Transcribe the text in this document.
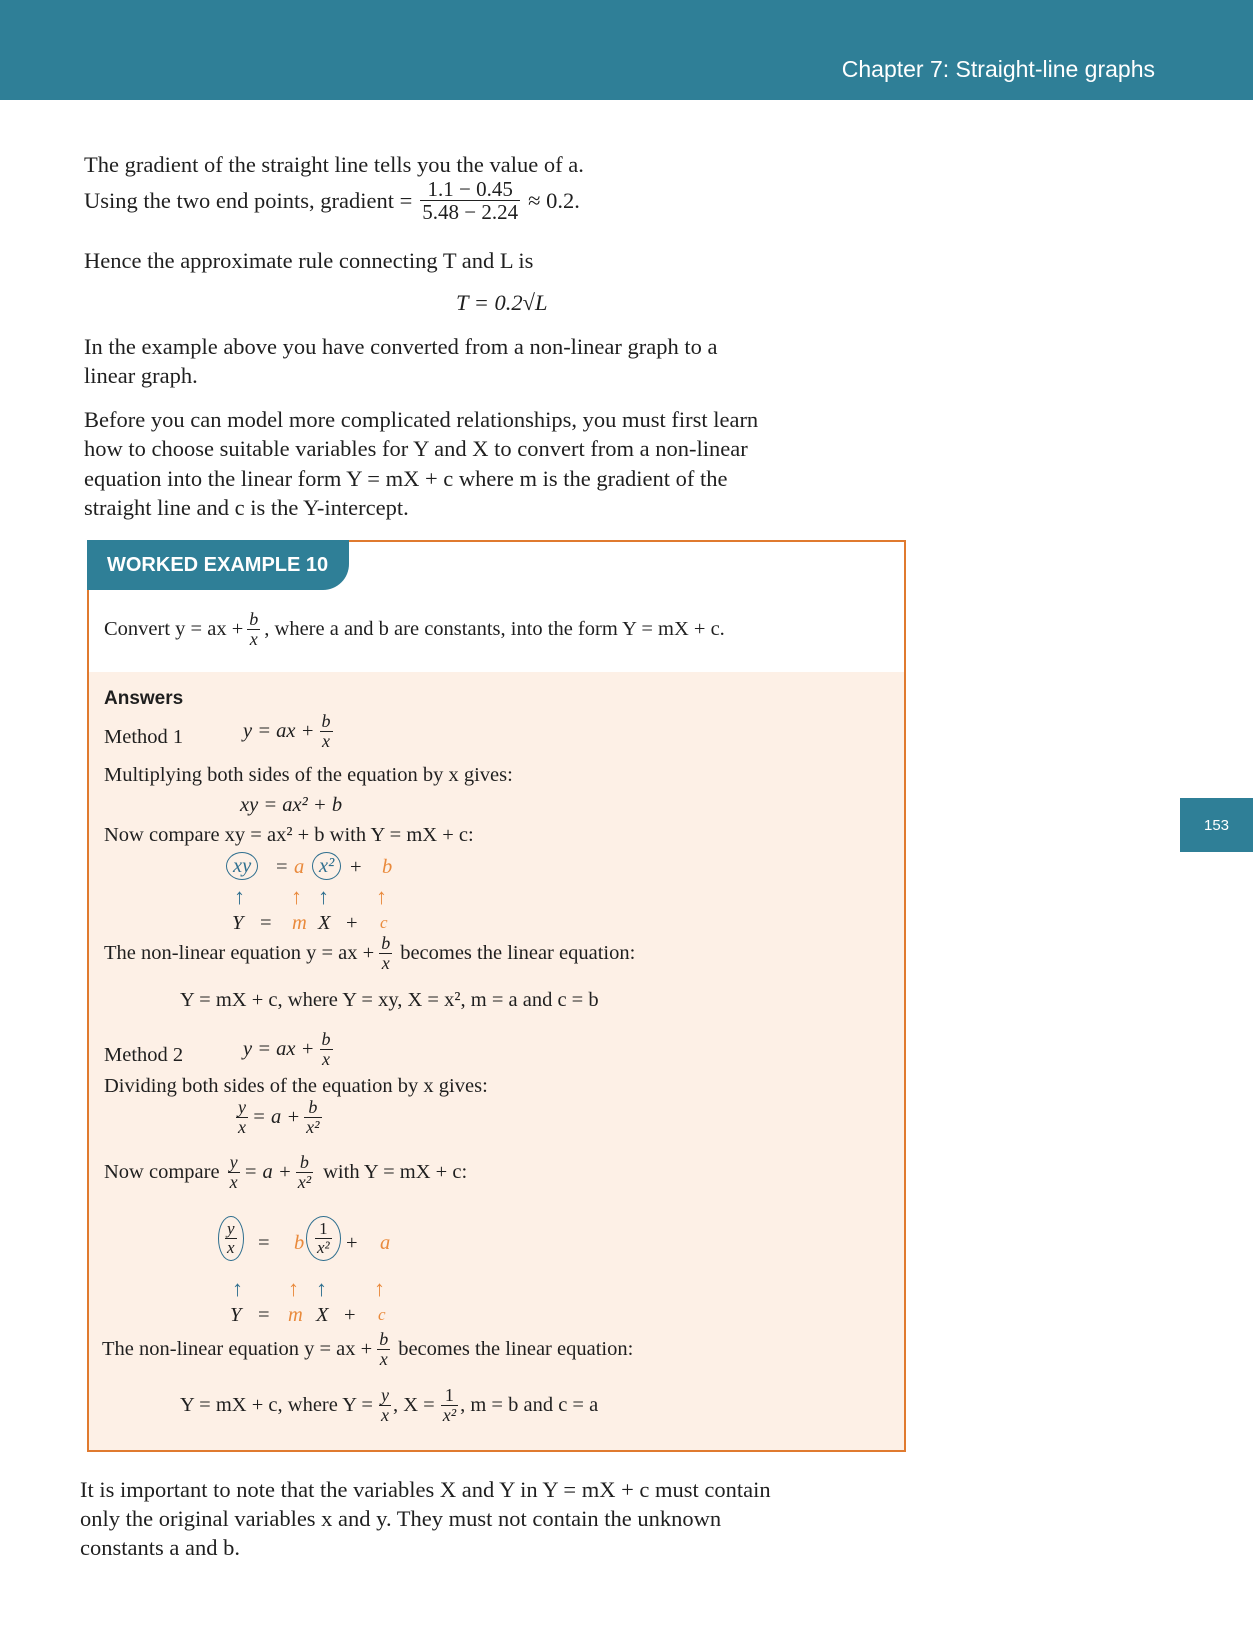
Chapter 7: Straight-line graphs
153
The gradient of the straight line tells you the value of a.
Using the two end points, gradient = $\frac{1.1 - 0.45}{5.48 - 2.24} \approx 0.2$.
Hence the approximate rule connecting T and L is
T = 0.2√L
In the example above you have converted from a non-linear graph to a
linear graph.
Before you can model more complicated relationships, you must first learn
how to choose suitable variables for Y and X to convert from a non-linear
equation into the linear form Y = mX + c where m is the gradient of the
straight line and c is the Y-intercept.
WORKED EXAMPLE 10
Convert y = ax + $\frac{b}{x}$ , where a and b are constants, into the form Y = mX + c.
Answers
Method 1	y = ax + $\frac{b}{x}$
Multiplying both sides of the equation by x gives:
xy = ax² + b
Now compare xy = ax² + b with Y = mX + c:
xy	= a x² + b
↑ ↑ ↑ ↑
Y = m X + c
The non-linear equation y = ax + $\frac{b}{x}$ becomes the linear equation:
Y = mX + c, where Y = xy, X = x², m = a and c = b
Method 2	y = ax + $\frac{b}{x}$
Dividing both sides of the equation by x gives:
$\frac{y}{x} = a + \frac{b}{\text{x²}}$
Now compare $\frac{y}{x} = a + \frac{b}{\text{x²}}$ with Y = mX + c:
$\frac{y}{x} = b \frac{1}{\text{x²}} + a$
↑ ↑ ↑ ↑
Y = m X + c
The non-linear equation y = ax + $\frac{b}{x}$ becomes the linear equation:
Y = mX + c, where $Y = \frac{y}{x}$ , $X = \frac{1}{\text{x²}}$ , m = b and c = a
It is important to note that the variables X and Y in Y = mX + c must contain
only the original variables x and y. They must not contain the unknown
constants a and b.
